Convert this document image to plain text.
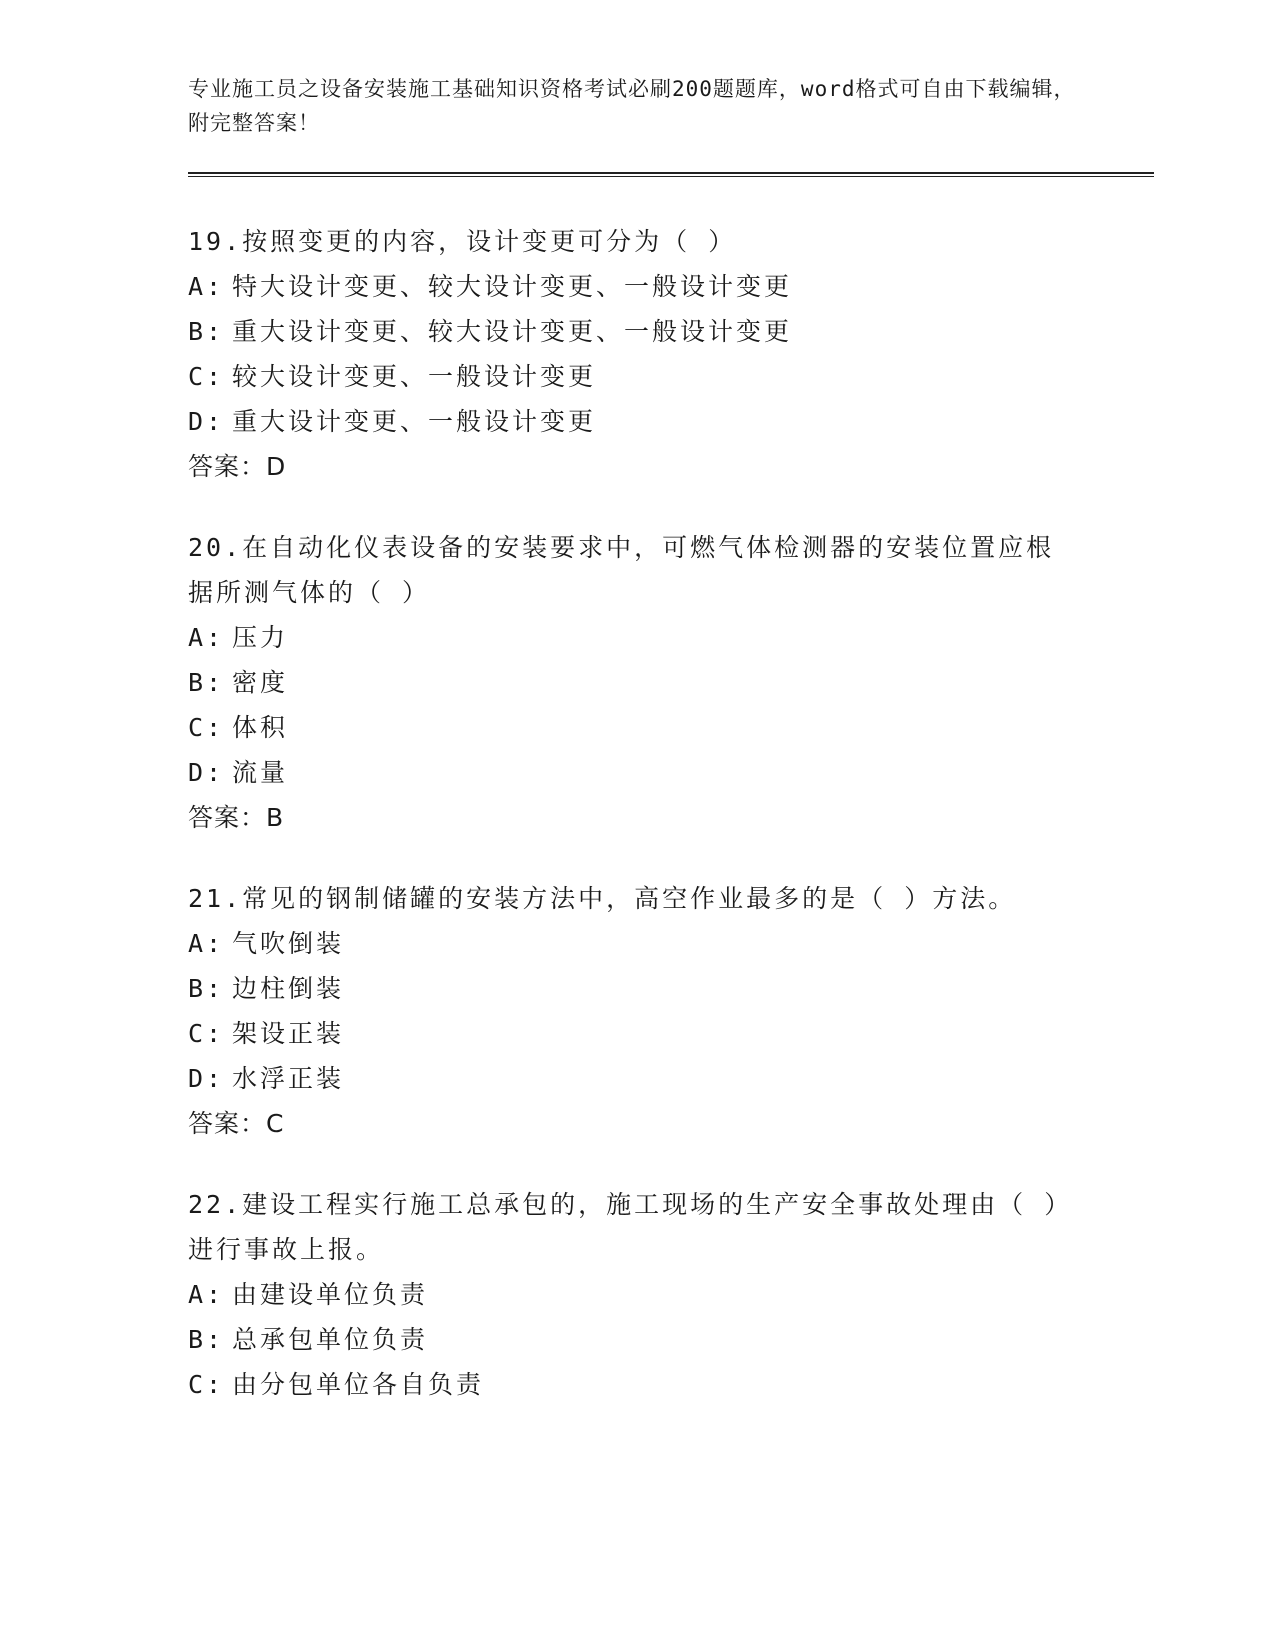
专业施工员之设备安装施工基础知识资格考试必刷200题题库，word格式可自由下载编辑，附完整答案！

19.按照变更的内容，设计变更可分为（ ）

A: 特大设计变更、较大设计变更、一般设计变更
B: 重大设计变更、较大设计变更、一般设计变更
C: 较大设计变更、一般设计变更
D: 重大设计变更、一般设计变更
答案：D

20.在自动化仪表设备的安装要求中，可燃气体检测器的安装位置应根据所测气体的（ ）

A: 压力
B: 密度
C: 体积
D: 流量
答案：B

21.常见的钢制储罐的安装方法中，高空作业最多的是（ ）方法。

A: 气吹倒装
B: 边柱倒装
C: 架设正装
D: 水浮正装
答案：C

22.建设工程实行施工总承包的，施工现场的生产安全事故处理由（ ）进行事故上报。

A: 由建设单位负责
B: 总承包单位负责
C: 由分包单位各自负责
